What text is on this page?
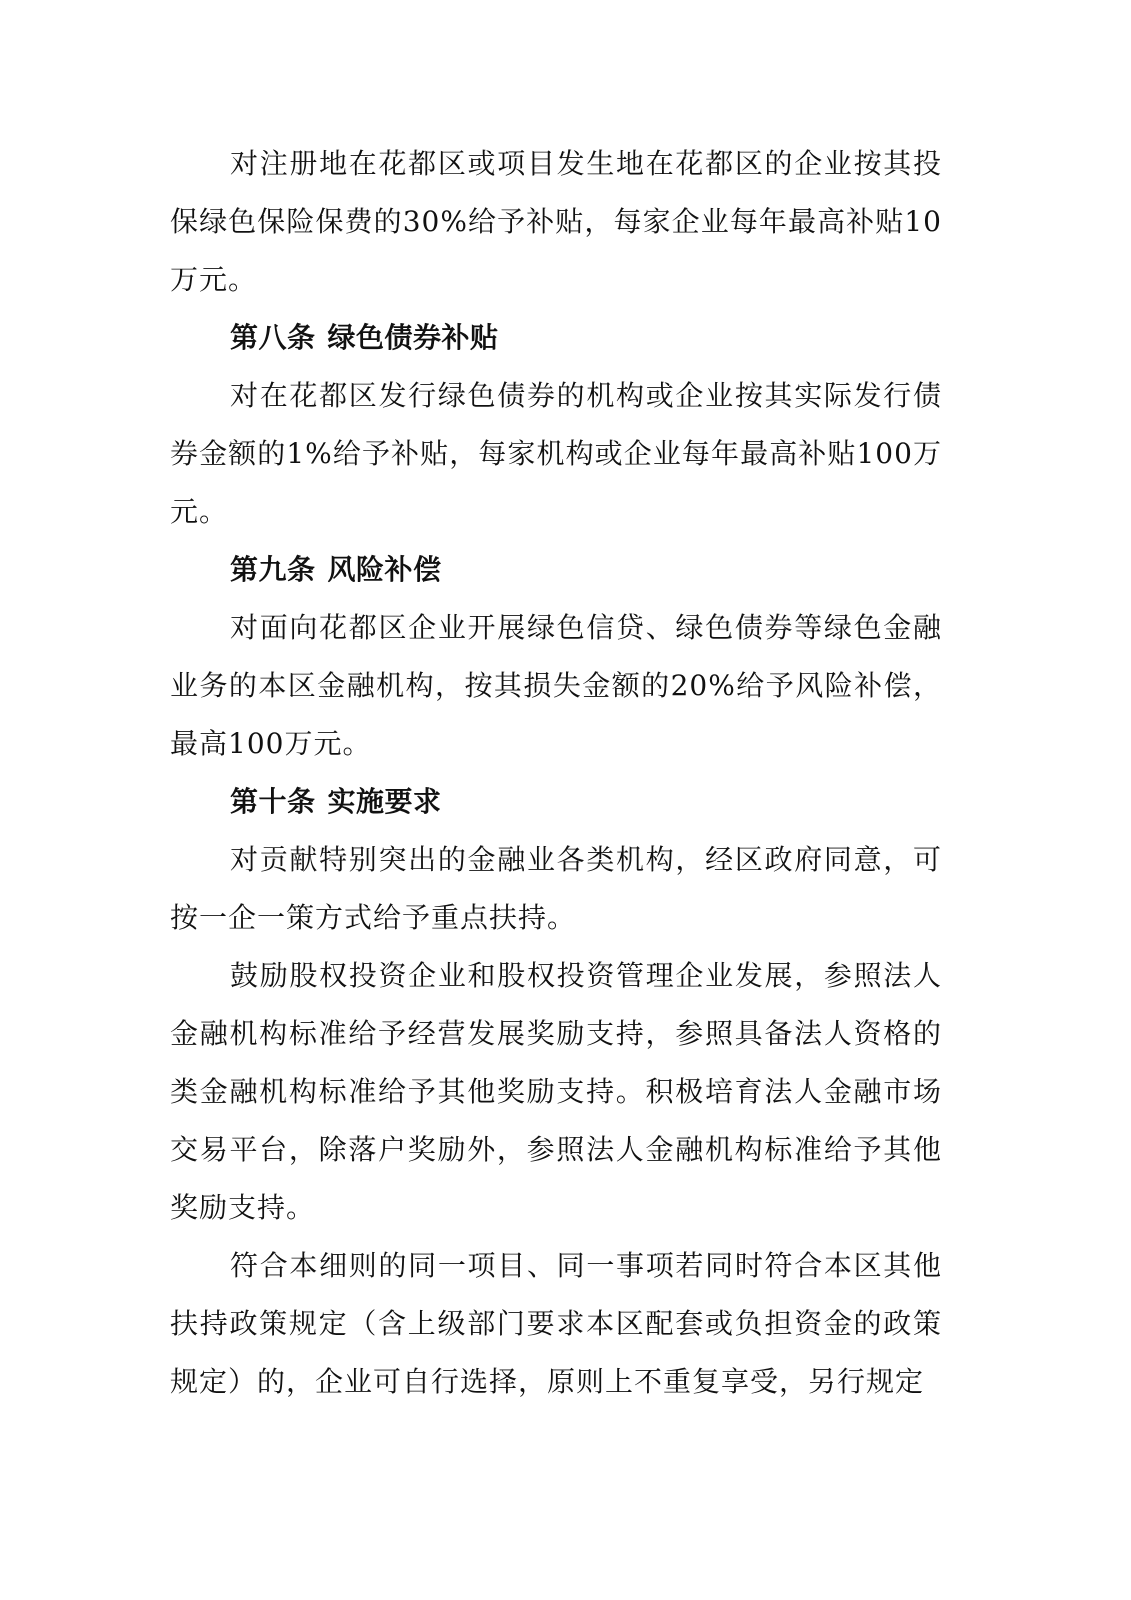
对注册地在花都区或项目发生地在花都区的企业按其投保绿色保险保费的30%给予补贴，每家企业每年最高补贴10万元。

第八条 绿色债券补贴

对在花都区发行绿色债券的机构或企业按其实际发行债券金额的1%给予补贴，每家机构或企业每年最高补贴100万元。

第九条 风险补偿

对面向花都区企业开展绿色信贷、绿色债券等绿色金融业务的本区金融机构，按其损失金额的20%给予风险补偿，最高100万元。

第十条 实施要求

对贡献特别突出的金融业各类机构，经区政府同意，可按一企一策方式给予重点扶持。

鼓励股权投资企业和股权投资管理企业发展，参照法人金融机构标准给予经营发展奖励支持，参照具备法人资格的类金融机构标准给予其他奖励支持。积极培育法人金融市场交易平台，除落户奖励外，参照法人金融机构标准给予其他奖励支持。

符合本细则的同一项目、同一事项若同时符合本区其他扶持政策规定（含上级部门要求本区配套或负担资金的政策规定）的，企业可自行选择，原则上不重复享受，另行规定
